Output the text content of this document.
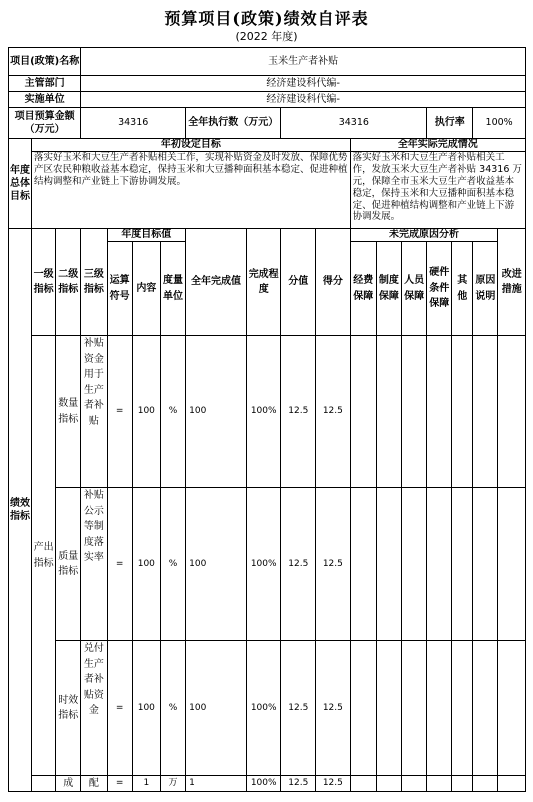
预算项目(政策)绩效自评表
(2022 年度)
项目(政策)名称			玉米生产者补贴														
主管部门			经济建设科代编-														
实施单位			经济建设科代编-														
项目预算金额（万元）			34316				全年执行数（万元）		34316					执行率		100%	
年度总体目标	年初设定目标										全年实际完成情况						
	落实好玉米和大豆生产者补贴相关工作，实现补贴资金及时发放、保障优势产区农民种粮收益基本稳定，保持玉米和大豆播种面积基本稳定、促进种植结构调整和产业链上下游协调发展。										落实好玉米和大豆生产者补贴相关工作，发放玉米大豆生产者补贴 34316 万元，保障全市玉米大豆生产者收益基本稳定，保持玉米和大豆播种面积基本稳定、促进种植结构调整和产业链上下游协调发展。						
绩效指标	一级指标	二级指标	三级指标	年度目标值			全年完成值	完成程度	分值	得分	未完成原因分析						改进措施
				运算符号	内容	度量单位					经费保障	制度保障	人员保障	硬件条件保障	其他	原因说明	
	产出指标	数量指标	补贴资金用于生产者补贴	=	100	%	100	100%	12.5	12.5							
		质量指标	补贴公示等制度落实率	=	100	%	100	100%	12.5	12.5							
		时效指标	兑付生产者补贴资金	=	100	%	100	100%	12.5	12.5							
		成	配	=	1	万	1	100%	12.5	12.5							
